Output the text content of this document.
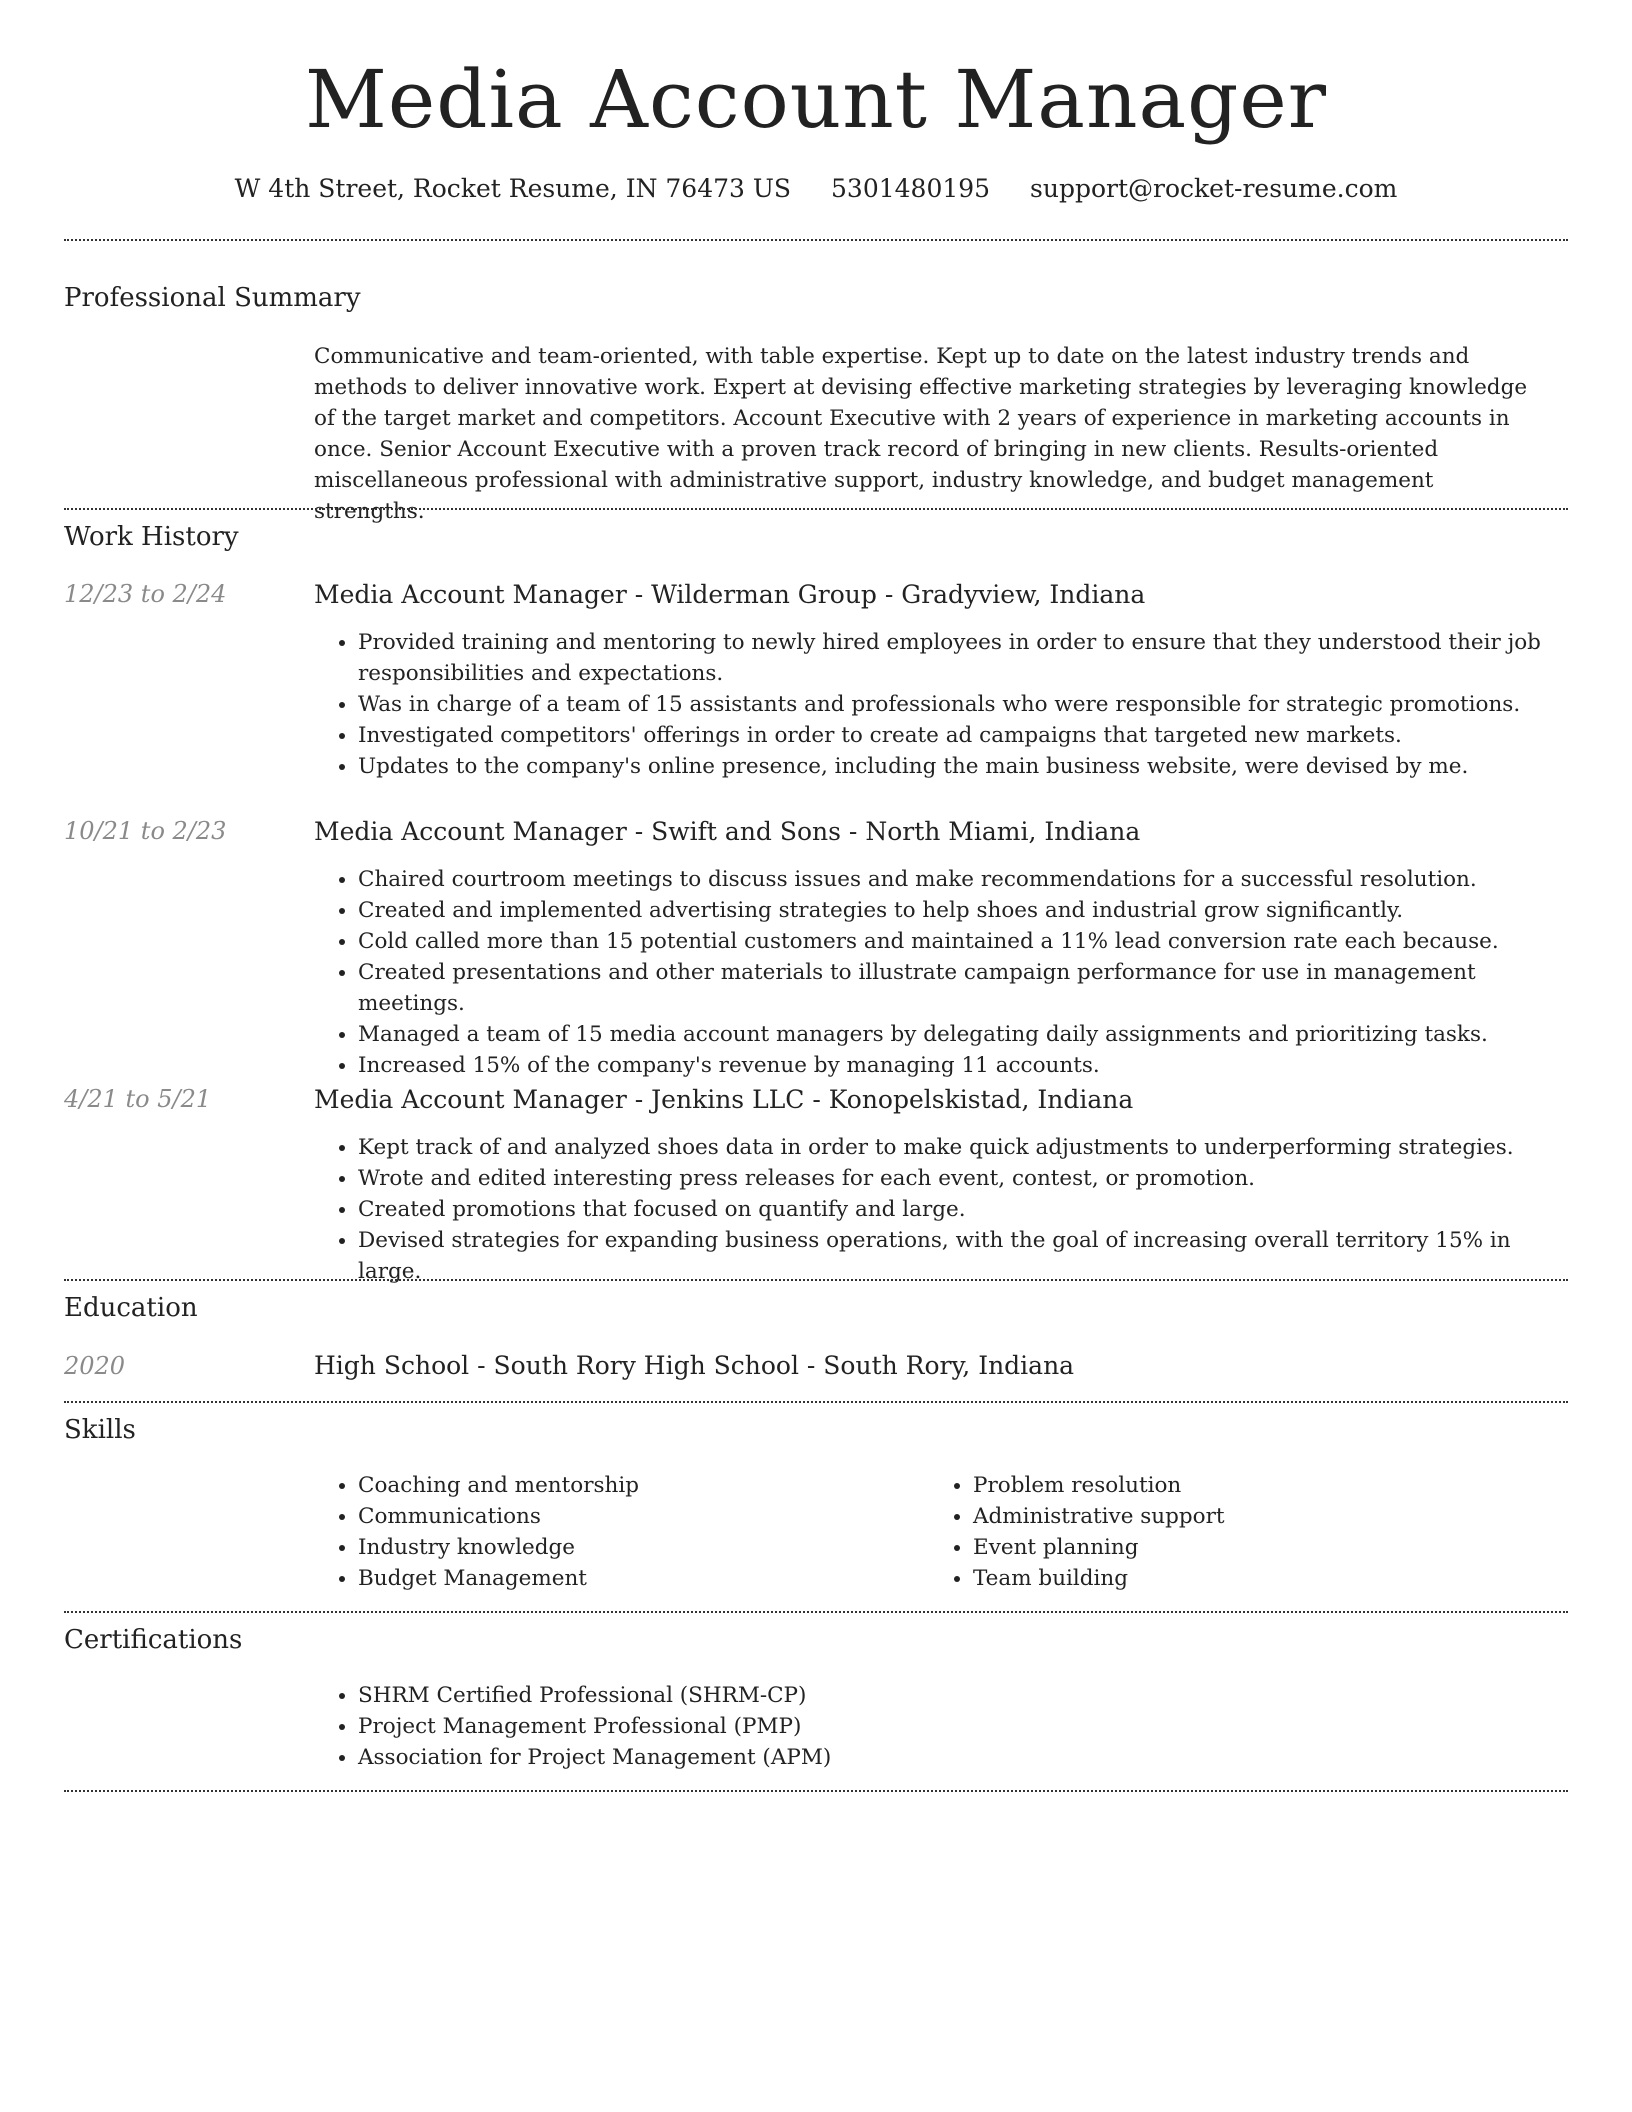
Media Account Manager
W 4th Street, Rocket Resume, IN 76473 US 5301480195 support@rocket-resume.com
Professional Summary

Communicative and team-oriented, with table expertise. Kept up to date on the latest industry trends and methods to deliver innovative work. Expert at devising effective marketing strategies by leveraging knowledge of the target market and competitors. Account Executive with 2 years of experience in marketing accounts in once. Senior Account Executive with a proven track record of bringing in new clients. Results-oriented miscellaneous professional with administrative support, industry knowledge, and budget management strengths.

Work History
12/23 to 2/24	Media Account Manager - Wilderman Group - Gradyview, Indiana
• Provided training and mentoring to newly hired employees in order to ensure that they understood their job responsibilities and expectations.
• Was in charge of a team of 15 assistants and professionals who were responsible for strategic promotions.
• Investigated competitors' offerings in order to create ad campaigns that targeted new markets.
• Updates to the company's online presence, including the main business website, were devised by me.
10/21 to 2/23	Media Account Manager - Swift and Sons - North Miami, Indiana
• Chaired courtroom meetings to discuss issues and make recommendations for a successful resolution.
• Created and implemented advertising strategies to help shoes and industrial grow significantly.
• Cold called more than 15 potential customers and maintained a 11% lead conversion rate each because.
• Created presentations and other materials to illustrate campaign performance for use in management meetings.
• Managed a team of 15 media account managers by delegating daily assignments and prioritizing tasks.
• Increased 15% of the company's revenue by managing 11 accounts.
4/21 to 5/21	Media Account Manager - Jenkins LLC - Konopelskistad, Indiana
• Kept track of and analyzed shoes data in order to make quick adjustments to underperforming strategies.
• Wrote and edited interesting press releases for each event, contest, or promotion.
• Created promotions that focused on quantify and large.
• Devised strategies for expanding business operations, with the goal of increasing overall territory 15% in large.
Education
2020	High School - South Rory High School - South Rory, Indiana
Skills
• Coaching and mentorship
• Communications
• Industry knowledge
• Budget Management
• Problem resolution
• Administrative support
• Event planning
• Team building
Certifications
• SHRM Certified Professional (SHRM-CP)
• Project Management Professional (PMP)
• Association for Project Management (APM)
